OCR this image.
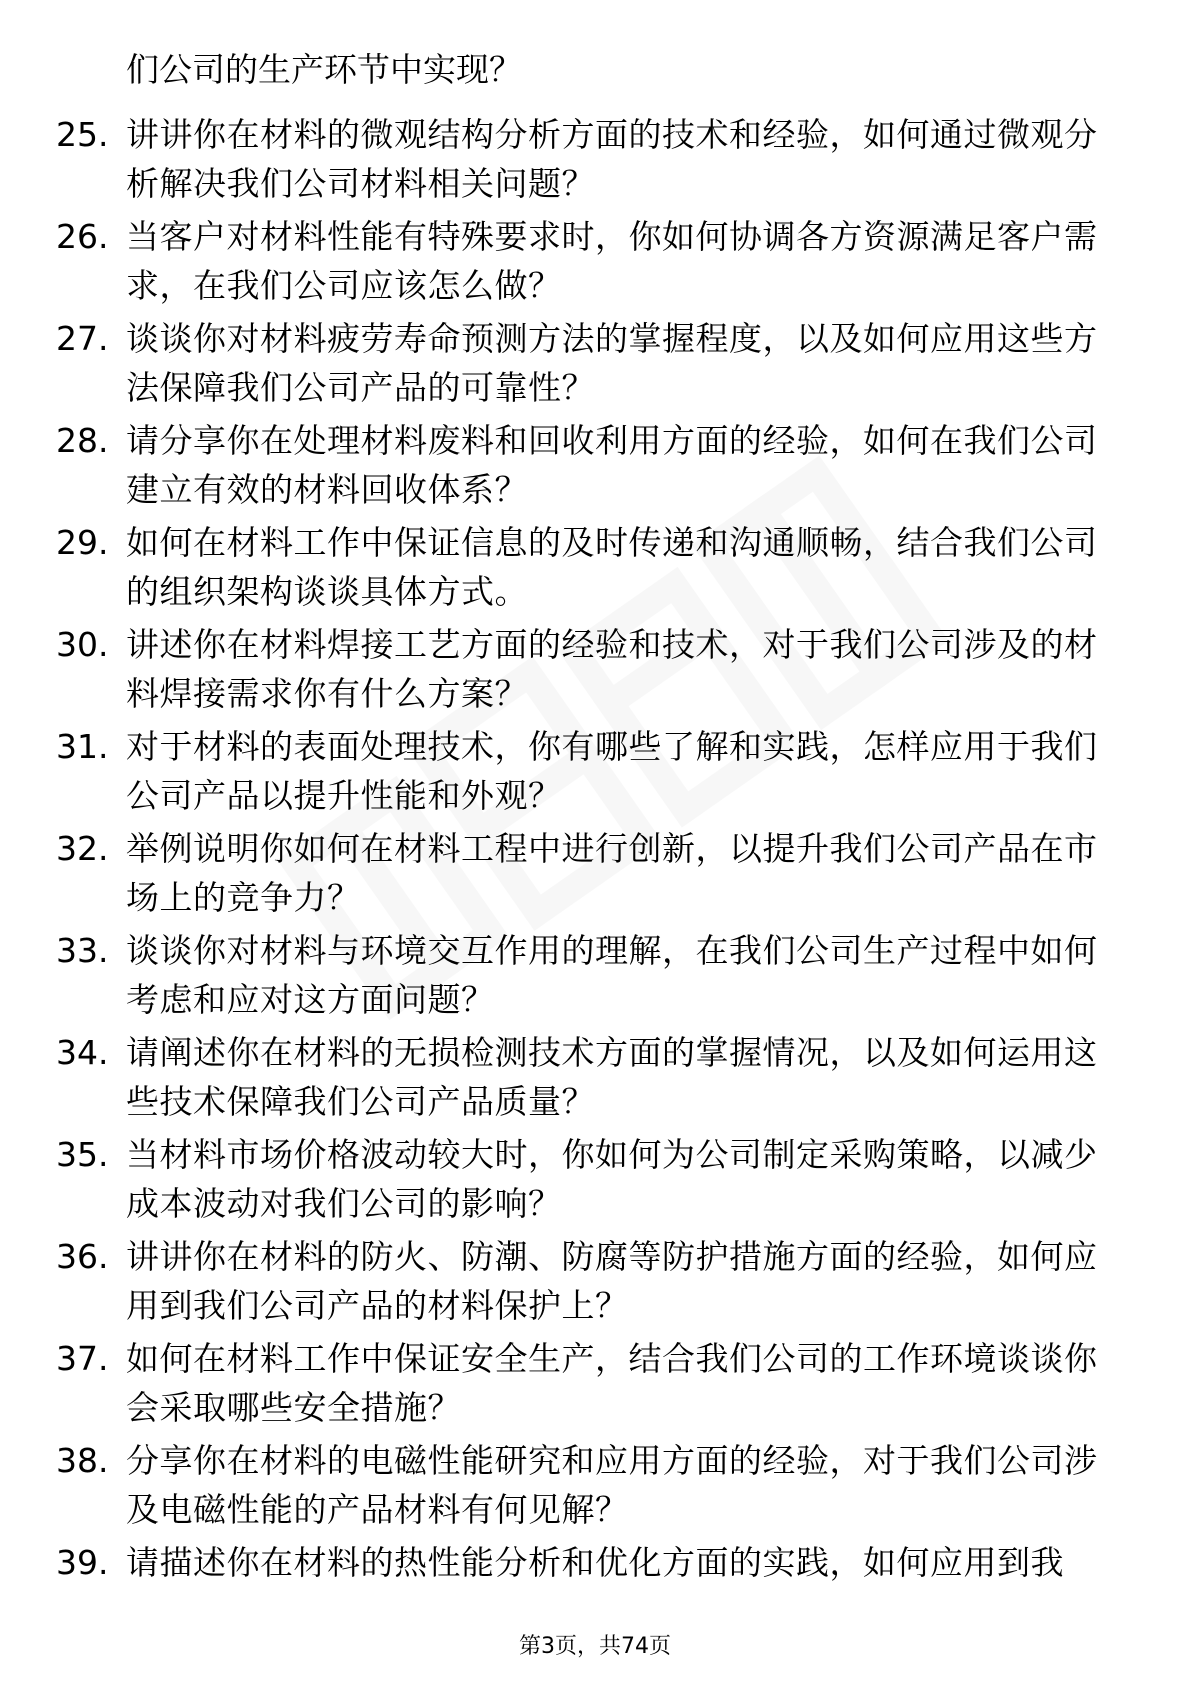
们公司的生产环节中实现？
25. 讲讲你在材料的微观结构分析方面的技术和经验，如何通过微观分析解决我们公司材料相关问题？
26. 当客户对材料性能有特殊要求时，你如何协调各方资源满足客户需求，在我们公司应该怎么做？
27. 谈谈你对材料疲劳寿命预测方法的掌握程度，以及如何应用这些方法保障我们公司产品的可靠性？
28. 请分享你在处理材料废料和回收利用方面的经验，如何在我们公司建立有效的材料回收体系？
29. 如何在材料工作中保证信息的及时传递和沟通顺畅，结合我们公司的组织架构谈谈具体方式。
30. 讲述你在材料焊接工艺方面的经验和技术，对于我们公司涉及的材料焊接需求你有什么方案？
31. 对于材料的表面处理技术，你有哪些了解和实践，怎样应用于我们公司产品以提升性能和外观？
32. 举例说明你如何在材料工程中进行创新，以提升我们公司产品在市场上的竞争力？
33. 谈谈你对材料与环境交互作用的理解，在我们公司生产过程中如何考虑和应对这方面问题？
34. 请阐述你在材料的无损检测技术方面的掌握情况，以及如何运用这些技术保障我们公司产品质量？
35. 当材料市场价格波动较大时，你如何为公司制定采购策略，以减少成本波动对我们公司的影响？
36. 讲讲你在材料的防火、防潮、防腐等防护措施方面的经验，如何应用到我们公司产品的材料保护上？
37. 如何在材料工作中保证安全生产，结合我们公司的工作环境谈谈你会采取哪些安全措施？
38. 分享你在材料的电磁性能研究和应用方面的经验，对于我们公司涉及电磁性能的产品材料有何见解？
39. 请描述你在材料的热性能分析和优化方面的实践，如何应用到我
第3页，共74页
